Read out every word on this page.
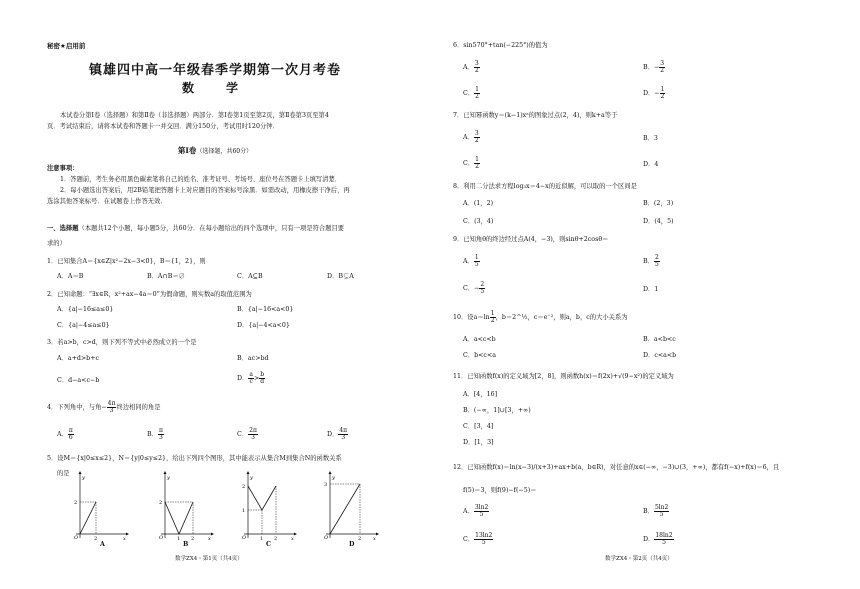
秘密★启用前
镇雄四中高一年级春季学期第一次月考卷
数　学
本试卷分第Ⅰ卷（选择题）和第Ⅱ卷（非选择题）两部分．第Ⅰ卷第1页至第2页，第Ⅱ卷第3页至第4
页．考试结束后，请将本试卷和答题卡一并交回．满分150分，考试用时120分钟．
第Ⅰ卷（选择题，共60分）
注意事项：
1．答题前，考生务必用黑色碳素笔将自己的姓名、准考证号、考场号、座位号在答题卡上填写清楚．
2．每小题选出答案后，用2B铅笔把答题卡上对应题目的答案标号涂黑．如需改动，用橡皮擦干净后，再
选涂其他答案标号．在试题卷上作答无效．
一、选择题（本题共12个小题，每小题5分，共60分．在每小题给出的四个选项中，只有一项是符合题目要
求的）
1．已知集合A＝{x∈Z|x²−2x−3<0}，B＝{1，2}，则
A．A＝B	B．A∩B＝∅	C．A⊆B	D．B⊊A
2．已知命题：“∃x∈R，x²+ax−4a＝0”为假命题，则实数a的取值范围为
A．{a|−16≤a≤0}	B．{a|−16<a<0}
C．{a|−4≤a≤0}	D．{a|−4<a<0}
3．若a>b，c>d，则下列不等式中必然成立的一个是
A．a+d>b+c	B．ac>bd
C．d−a<c−b	D． $\frac{a}{c} > \frac{b}{d}$
4．下列角中，与角− $\frac{4\pi}{3}$ 终边相同的角是
A． $\frac{\pi}{6}$	B． $\frac{\pi}{3}$	C． $\frac{2\pi}{3}$	D． $\frac{4\pi}{3}$
5．设M＝{x|0≤x≤2}，N＝{y|0≤y≤2}，给出下列四个图形，其中能表示从集合M到集合N的函数关系
的是
y
x
O
2
2
A
y
x
O
2
1 2
B
y
x
O
2
1
1 2
C
y
x
O
3
2
D
数学ZX4・第1页（共4页）
6．sin570°+tan(−225°)的值为
A． $\frac{3}{2}$	B．− $\frac{3}{2}$
C． $\frac{1}{2}$	D．− $\frac{1}{2}$
7．已知幂函数y＝(k−1)xᵃ的图象过点(2，4)，则k+a等于
A． $\frac{3}{2}$	B．3
C． $\frac{1}{2}$	D．4
8．利用二分法求方程log₃x＝4−x的近似解，可以取的一个区间是
A．(1，2)	B．(2，3)
C．(3，4)	D．(4，5)
9．已知角θ的终边经过点A(4，−3)，则sinθ+2cosθ＝
A． $\frac{1}{5}$	B． $\frac{2}{5}$
C．− $\frac{2}{5}$	D．1
10．设$a=\ln \frac{1}{2}$ ，b＝2^½，c＝e⁻²，则a，b，c的大小关系为
A．a<c<b	B．a<b<c
C．b<c<a	D．c<a<b
11．已知函数f(x)的定义域为[2，8]，则函数h(x)＝f(2x)+√(9−x²)的定义域为
A．[4，16]
B．(−∞，1]∪[3，+∞)
C．[3，4]
D．[1，3]
12．已知函数f(x)＝ln(x−3)/(x+3)+ax+b(a，b∈R)，对任意的x∈(−∞，−3)∪(3，+∞)，都有f(−x)+f(x)＝6，且
f(5)＝3，则f(9)−f(−5)＝
A． $\frac{3\ln 2}{5}$	B． $\frac{5\ln 2}{5}$
C． $\frac{13\ln 2}{5}$	D． $\frac{18\ln 2}{5}$
数学ZX4・第2页（共4页）
